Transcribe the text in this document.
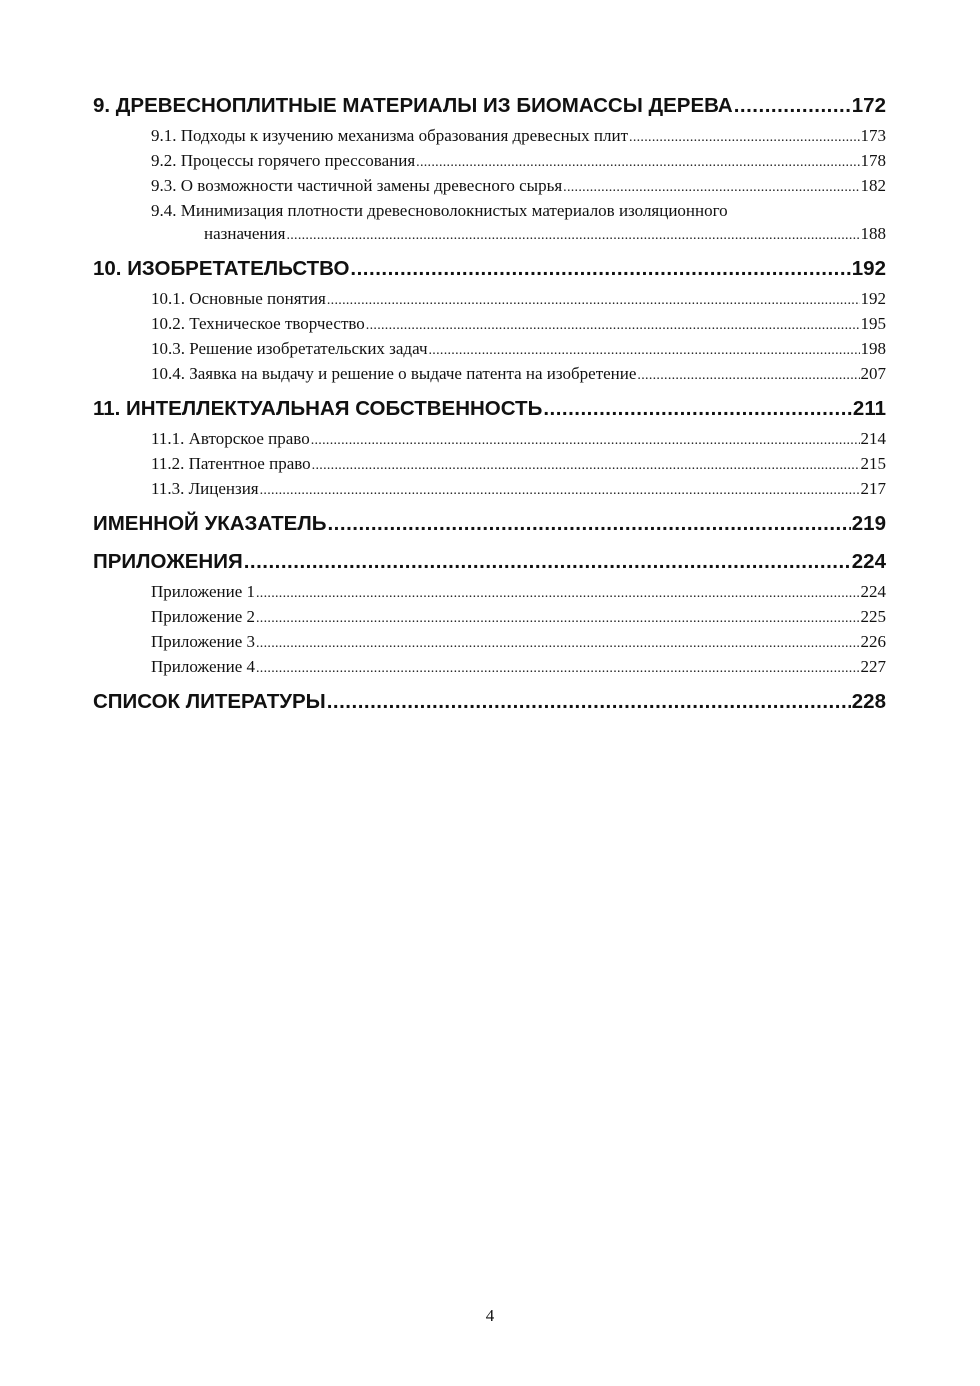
9. ДРЕВЕСНОПЛИТНЫЕ МАТЕРИАЛЫ ИЗ БИОМАССЫ ДЕРЕВА .....	172
9.1. Подходы к изучению механизма образования древесных плит .....	173
9.2. Процессы горячего прессования .....	178
9.3. О возможности частичной замены древесного сырья .....	182
9.4. Минимизация плотности древесноволокнистых материалов изоляционного
назначения .....	188
10. ИЗОБРЕТАТЕЛЬСТВО .....	192
10.1. Основные понятия .....	192
10.2. Техническое творчество .....	195
10.3. Решение изобретательских задач .....	198
10.4. Заявка на выдачу и решение о выдаче патента на изобретение .....	207
11. ИНТЕЛЛЕКТУАЛЬНАЯ СОБСТВЕННОСТЬ .....	211
11.1. Авторское право .....	214
11.2. Патентное право .....	215
11.3. Лицензия .....	217
ИМЕННОЙ УКАЗАТЕЛЬ .....	219
ПРИЛОЖЕНИЯ .....	224
Приложение 1 .....	224
Приложение 2 .....	225
Приложение 3 .....	226
Приложение 4 .....	227
СПИСОК ЛИТЕРАТУРЫ .....	228
4
